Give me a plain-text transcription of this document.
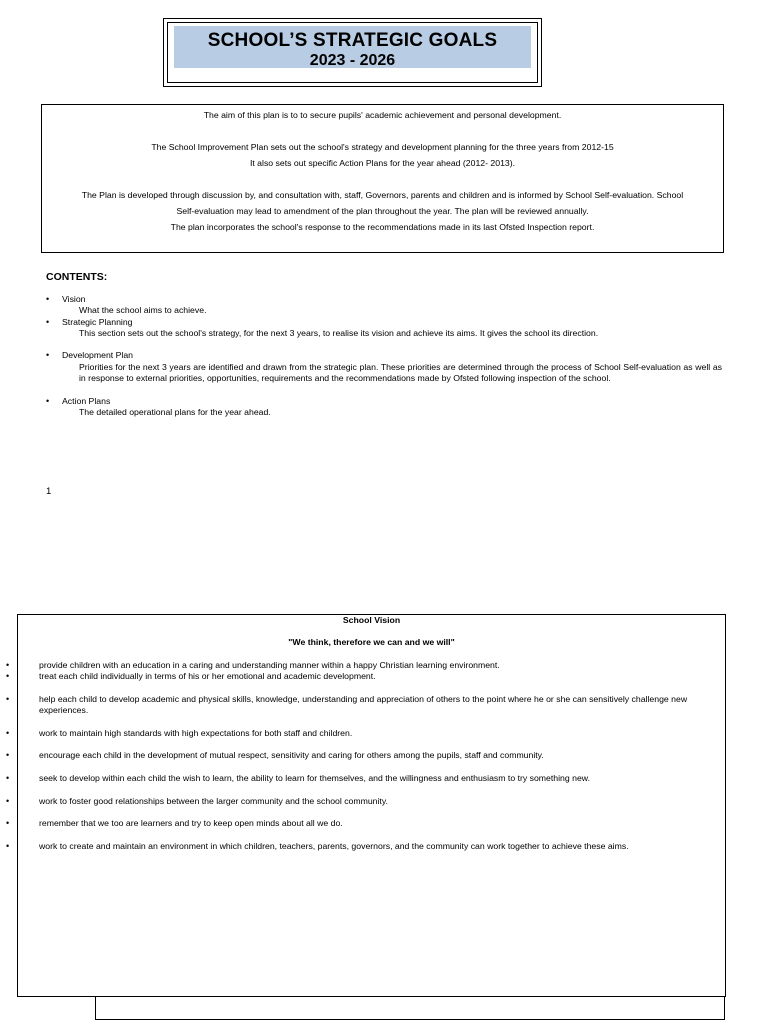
SCHOOL’S STRATEGIC GOALS
2023 - 2026
The aim of this plan is to to secure pupils' academic achievement and personal development.
The School Improvement Plan sets out the school's strategy and development planning for the three years from 2012-15
It also sets out specific Action Plans for the year ahead (2012- 2013).
The Plan is developed through discussion by, and consultation with, staff, Governors, parents and children and is informed by School Self-evaluation. School
Self-evaluation may lead to amendment of the plan throughout the year. The plan will be reviewed annually.
The plan incorporates the school's response to the recommendations made in its last Ofsted Inspection report.
CONTENTS:
• Vision
What the school aims to achieve.
• Strategic Planning
This section sets out the school's strategy, for the next 3 years, to realise its vision and achieve its aims. It gives the school its direction.
• Development Plan
Priorities for the next 3 years are identified and drawn from the strategic plan. These priorities are determined through the process of School Self-evaluation as well as in response to external priorities, opportunities, requirements and the recommendations made by Ofsted following inspection of the school.
• Action Plans
The detailed operational plans for the year ahead.
1
School Vision
"We think, therefore we can and we will"
• provide children with an education in a caring and understanding manner within a happy Christian learning environment.
• treat each child individually in terms of his or her emotional and academic development.
• help each child to develop academic and physical skills, knowledge, understanding and appreciation of others to the point where he or she can sensitively challenge new experiences.
• work to maintain high standards with high expectations for both staff and children.
• encourage each child in the development of mutual respect, sensitivity and caring for others among the pupils, staff and community.
• seek to develop within each child the wish to learn, the ability to learn for themselves, and the willingness and enthusiasm to try something new.
• work to foster good relationships between the larger community and the school community.
• remember that we too are learners and try to keep open minds about all we do.
• work to create and maintain an environment in which children, teachers, parents, governors, and the community can work together to achieve these aims.
